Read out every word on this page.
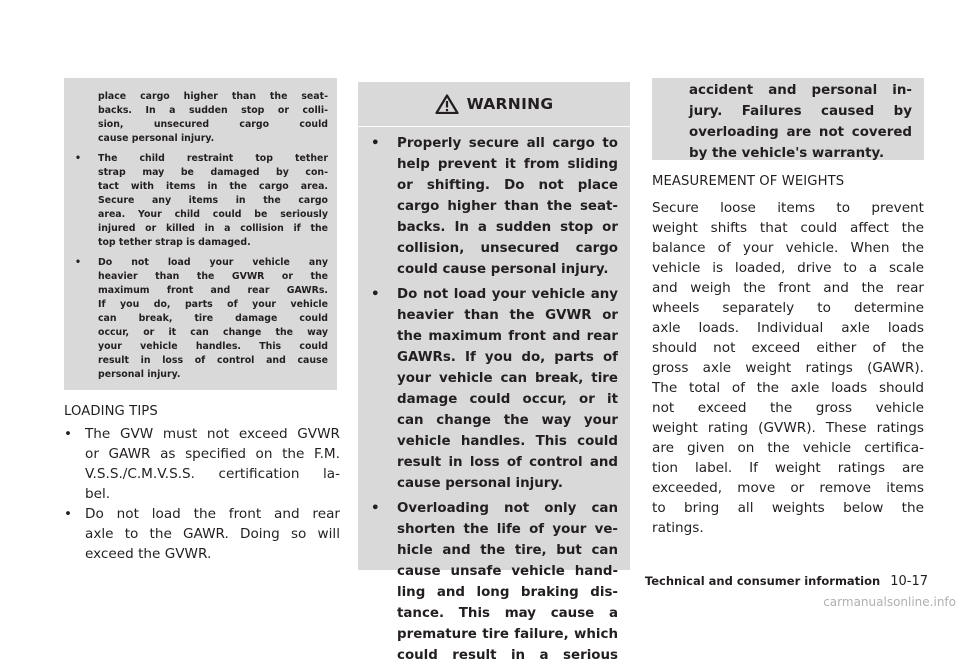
place cargo higher than the seat-
backs. In a sudden stop or colli-
sion, unsecured cargo could
cause personal injury.
• The child restraint top tether
strap may be damaged by con-
tact with items in the cargo area.
Secure any items in the cargo
area. Your child could be seriously
injured or killed in a collision if the
top tether strap is damaged.
• Do not load your vehicle any
heavier than the GVWR or the
maximum front and rear GAWRs.
If you do, parts of your vehicle
can break, tire damage could
occur, or it can change the way
your vehicle handles. This could
result in loss of control and cause
personal injury.
LOADING TIPS
• The GVW must not exceed GVWR
or GAWR as specified on the F.M.
V.S.S./C.M.V.S.S. certification la-
bel.
• Do not load the front and rear
axle to the GAWR. Doing so will
exceed the GVWR.
WARNING
• Properly secure all cargo to
help prevent it from sliding
or shifting. Do not place
cargo higher than the seat-
backs. In a sudden stop or
collision, unsecured cargo
could cause personal injury.
• Do not load your vehicle any
heavier than the GVWR or
the maximum front and rear
GAWRs. If you do, parts of
your vehicle can break, tire
damage could occur, or it
can change the way your
vehicle handles. This could
result in loss of control and
cause personal injury.
• Overloading not only can
shorten the life of your ve-
hicle and the tire, but can
cause unsafe vehicle hand-
ling and long braking dis-
tance. This may cause a
premature tire failure, which
could result in a serious
accident and personal in-
jury. Failures caused by
overloading are not covered
by the vehicle's warranty.
MEASUREMENT OF WEIGHTS
Secure loose items to prevent
weight shifts that could affect the
balance of your vehicle. When the
vehicle is loaded, drive to a scale
and weigh the front and the rear
wheels separately to determine
axle loads. Individual axle loads
should not exceed either of the
gross axle weight ratings (GAWR).
The total of the axle loads should
not exceed the gross vehicle
weight rating (GVWR). These ratings
are given on the vehicle certifica-
tion label. If weight ratings are
exceeded, move or remove items
to bring all weights below the
ratings.
Technical and consumer information 10-17
carmanualsonline.info
